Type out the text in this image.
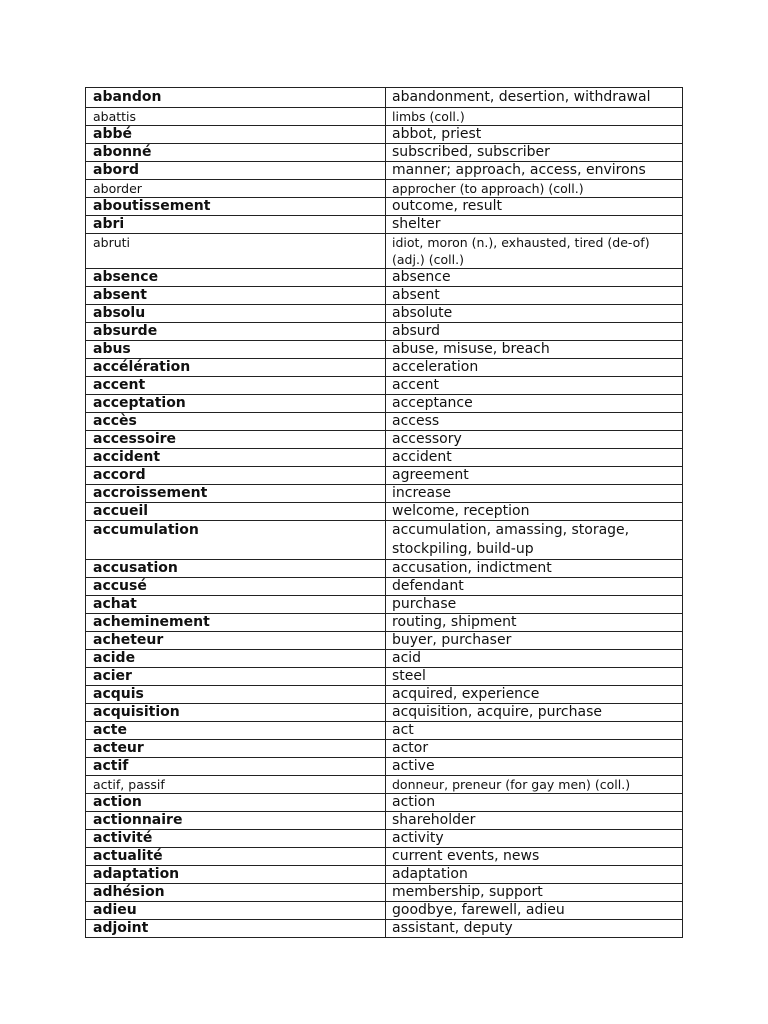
abandon	abandonment, desertion, withdrawal
abattis	limbs (coll.)
abbé	abbot, priest
abonné	subscribed, subscriber
abord	manner; approach, access, environs
aborder	approcher (to approach) (coll.)
aboutissement	outcome, result
abri	shelter
abruti	idiot, moron (n.), exhausted, tired (de-of)(adj.) (coll.)
absence	absence
absent	absent
absolu	absolute
absurde	absurd
abus	abuse, misuse, breach
accélération	acceleration
accent	accent
acceptation	acceptance
accès	access
accessoire	accessory
accident	accident
accord	agreement
accroissement	increase
accueil	welcome, reception
accumulation	accumulation, amassing, storage, stockpiling, build-up
accusation	accusation, indictment
accusé	defendant
achat	purchase
acheminement	routing, shipment
acheteur	buyer, purchaser
acide	acid
acier	steel
acquis	acquired, experience
acquisition	acquisition, acquire, purchase
acte	act
acteur	actor
actif	active
actif, passif	donneur, preneur (for gay men) (coll.)
action	action
actionnaire	shareholder
activité	activity
actualité	current events, news
adaptation	adaptation
adhésion	membership, support
adieu	goodbye, farewell, adieu
adjoint	assistant, deputy
